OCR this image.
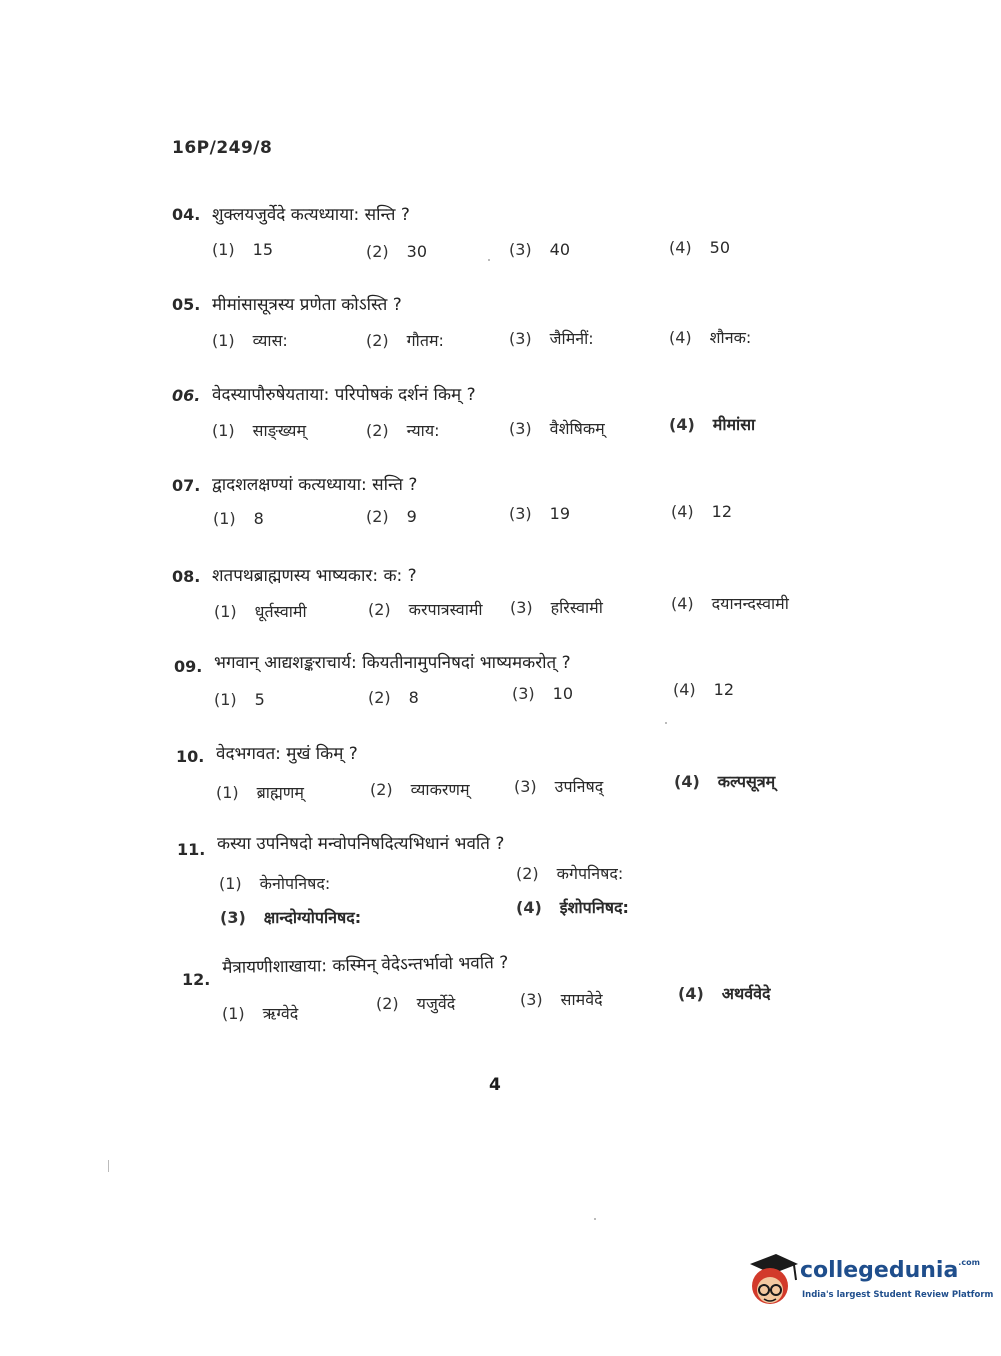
16P/249/8
04. शुक्लयजुर्वेदे कत्यध्याया: सन्ति ?
(1) 15	(2) 30	(3) 40	(4) 50
05. मीमांसासूत्रस्य प्रणेता कोऽस्ति ?
(1) व्यास:	(2) गौतम:	(3) जैमिनीं:	(4) शौनक:
06. वेदस्यापौरुषेयताया: परिपोषकं दर्शनं किम् ?
(1) साङ्ख्यम्	(2) न्याय:	(3) वैशेषिकम्	(4) मीमांसा
07. द्वादशलक्षण्यां कत्यध्याया: सन्ति ?
(1) 8	(2) 9	(3) 19	(4) 12
08. शतपथब्राह्मणस्य भाष्यकार: क: ?
(1) धूर्तस्वामी	(2) करपात्रस्वामी (3) हरिस्वामी	(4) दयानन्दस्वामी
09. भगवान् आद्यशङ्कराचार्य: कियतीनामुपनिषदां भाष्यमकरोत् ?
(1) 5	(2) 8	(3) 10	(4) 12
10. वेदभगवत: मुखं किम् ?
(1) ब्राह्मणम्	(2) व्याकरणम्	(3) उपनिषद्	(4) कल्पसूत्रम्
11. कस्या उपनिषदो मन्वोपनिषदित्यभिधानं भवति ?
(1) केनोपनिषद:
(2) कगेपनिषद:
(3) क्षान्दोग्योपनिषद:
(4) ईशोपनिषद:
12.
मैत्रायणीशाखाया: कस्मिन् वेदेऽन्तर्भावो भवति ?
(1) ऋग्वेदे
(2) यजुर्वेदे	(3) सामवेदे	(4) अथर्ववेदे
4
collegedunia$^{.com}$
India's largest Student Review Platform
